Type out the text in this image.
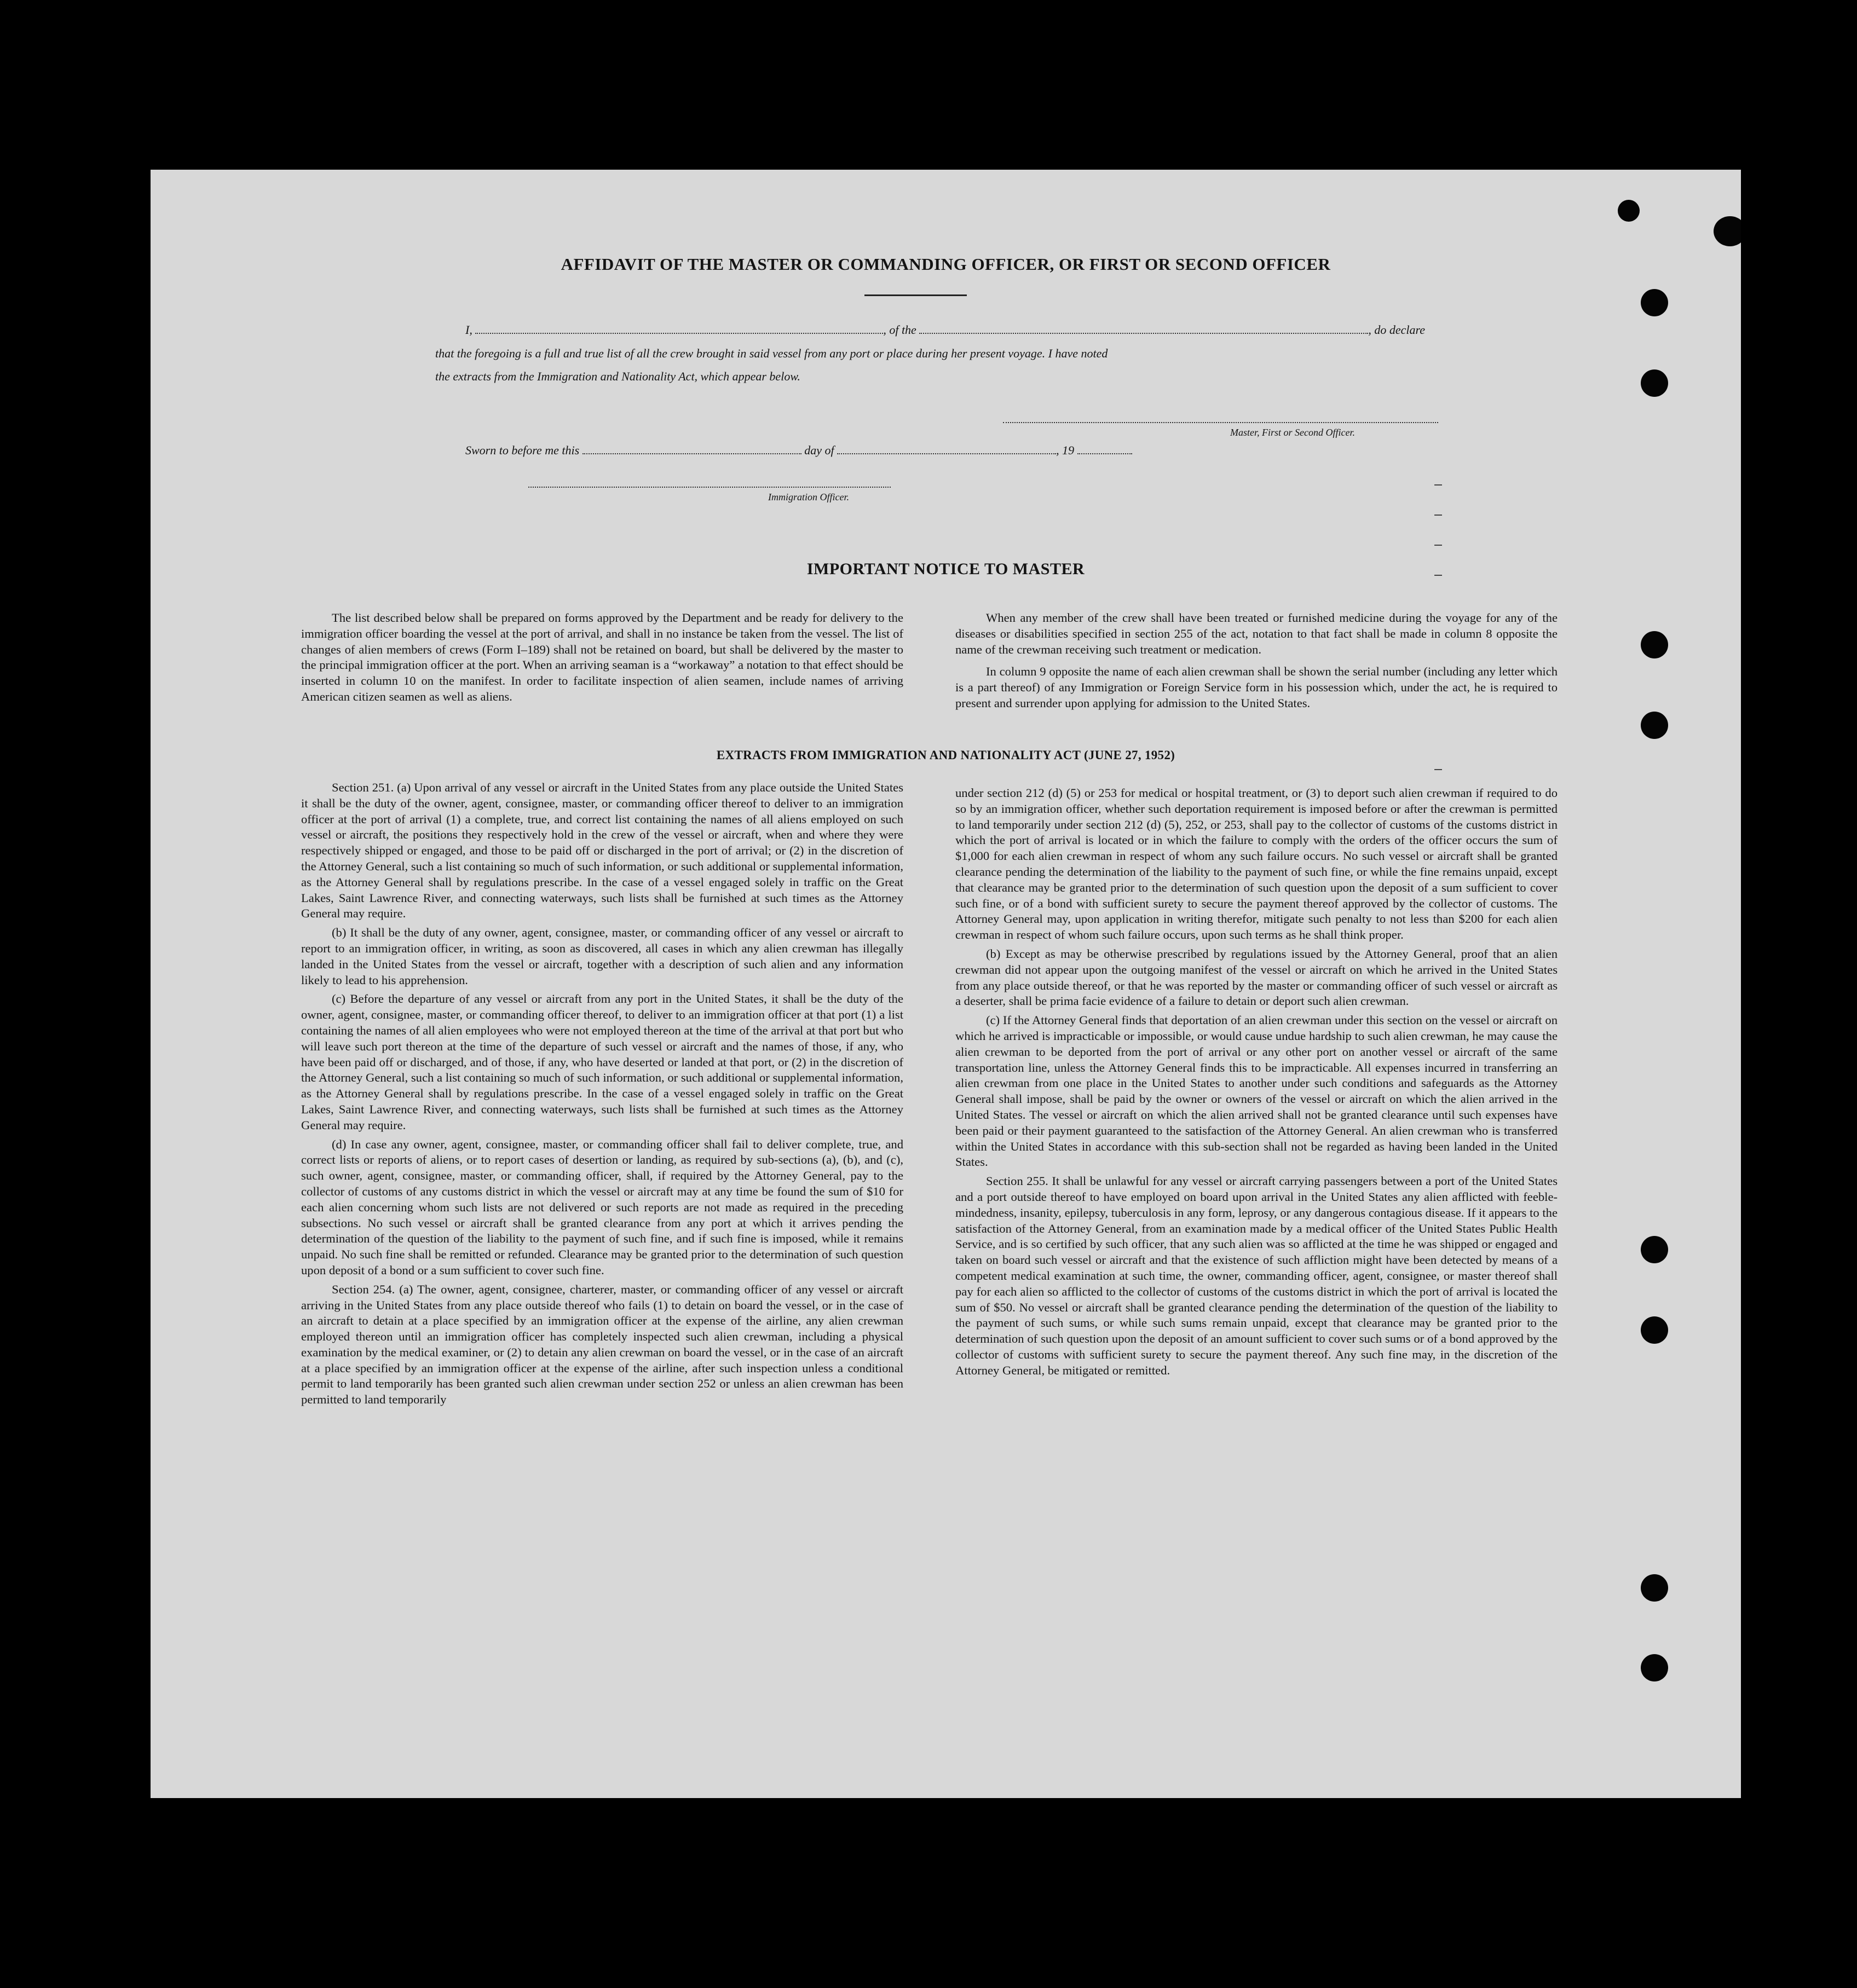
AFFIDAVIT OF THE MASTER OR COMMANDING OFFICER, OR FIRST OR SECOND OFFICER
I,	, of the	, do declare
that the foregoing is a full and true list of all the crew brought in said vessel from any port or place during her present voyage. I have noted
the extracts from the Immigration and Nationality Act, which appear below.
Master, First or Second Officer.
Sworn to before me this	day of	, 19
Immigration Officer.
IMPORTANT NOTICE TO MASTER

The list described below shall be prepared on forms approved by the Department and be ready for delivery to the immigration officer boarding the vessel at the port of arrival, and shall in no instance be taken from the vessel. The list of changes of alien members of crews (Form I–189) shall not be retained on board, but shall be delivered by the master to the principal immigration officer at the port. When an arriving seaman is a “workaway” a notation to that effect should be inserted in column 10 on the manifest. In order to facilitate inspection of alien seamen, include names of arriving American citizen seamen as well as aliens.

When any member of the crew shall have been treated or furnished medicine during the voyage for any of the diseases or disabilities specified in section 255 of the act, notation to that fact shall be made in column 8 opposite the name of the crewman receiving such treatment or medication.

In column 9 opposite the name of each alien crewman shall be shown the serial number (including any letter which is a part thereof) of any Immigration or Foreign Service form in his possession which, under the act, he is required to present and surrender upon applying for admission to the United States.

EXTRACTS FROM IMMIGRATION AND NATIONALITY ACT (JUNE 27, 1952)

Section 251. (a) Upon arrival of any vessel or aircraft in the United States from any place outside the United States it shall be the duty of the owner, agent, consignee, master, or commanding officer thereof to deliver to an immigration officer at the port of arrival (1) a complete, true, and correct list containing the names of all aliens employed on such vessel or aircraft, the positions they respectively hold in the crew of the vessel or aircraft, when and where they were respectively shipped or engaged, and those to be paid off or discharged in the port of arrival; or (2) in the discretion of the Attorney General, such a list containing so much of such information, or such additional or supplemental information, as the Attorney General shall by regulations prescribe. In the case of a vessel engaged solely in traffic on the Great Lakes, Saint Lawrence River, and connecting waterways, such lists shall be furnished at such times as the Attorney General may require.

(b) It shall be the duty of any owner, agent, consignee, master, or commanding officer of any vessel or aircraft to report to an immigration officer, in writing, as soon as discovered, all cases in which any alien crewman has illegally landed in the United States from the vessel or aircraft, together with a description of such alien and any information likely to lead to his apprehension.

(c) Before the departure of any vessel or aircraft from any port in the United States, it shall be the duty of the owner, agent, consignee, master, or commanding officer thereof, to deliver to an immigration officer at that port (1) a list containing the names of all alien employees who were not employed thereon at the time of the arrival at that port but who will leave such port thereon at the time of the departure of such vessel or aircraft and the names of those, if any, who have been paid off or discharged, and of those, if any, who have deserted or landed at that port, or (2) in the discretion of the Attorney General, such a list containing so much of such information, or such additional or supplemental information, as the Attorney General shall by regulations prescribe. In the case of a vessel engaged solely in traffic on the Great Lakes, Saint Lawrence River, and connecting waterways, such lists shall be furnished at such times as the Attorney General may require.

(d) In case any owner, agent, consignee, master, or commanding officer shall fail to deliver complete, true, and correct lists or reports of aliens, or to report cases of desertion or landing, as required by sub-sections (a), (b), and (c), such owner, agent, consignee, master, or commanding officer, shall, if required by the Attorney General, pay to the collector of customs of any customs district in which the vessel or aircraft may at any time be found the sum of $10 for each alien concerning whom such lists are not delivered or such reports are not made as required in the preceding subsections. No such vessel or aircraft shall be granted clearance from any port at which it arrives pending the determination of the question of the liability to the payment of such fine, and if such fine is imposed, while it remains unpaid. No such fine shall be remitted or refunded. Clearance may be granted prior to the determination of such question upon deposit of a bond or a sum sufficient to cover such fine.

Section 254. (a) The owner, agent, consignee, charterer, master, or commanding officer of any vessel or aircraft arriving in the United States from any place outside thereof who fails (1) to detain on board the vessel, or in the case of an aircraft to detain at a place specified by an immigration officer at the expense of the airline, any alien crewman employed thereon until an immigration officer has completely inspected such alien crewman, including a physical examination by the medical examiner, or (2) to detain any alien crewman on board the vessel, or in the case of an aircraft at a place specified by an immigration officer at the expense of the airline, after such inspection unless a conditional permit to land temporarily has been granted such alien crewman under section 252 or unless an alien crewman has been permitted to land temporarily

under section 212 (d) (5) or 253 for medical or hospital treatment, or (3) to deport such alien crewman if required to do so by an immigration officer, whether such deportation requirement is imposed before or after the crewman is permitted to land temporarily under section 212 (d) (5), 252, or 253, shall pay to the collector of customs of the customs district in which the port of arrival is located or in which the failure to comply with the orders of the officer occurs the sum of $1,000 for each alien crewman in respect of whom any such failure occurs. No such vessel or aircraft shall be granted clearance pending the determination of the liability to the payment of such fine, or while the fine remains unpaid, except that clearance may be granted prior to the determination of such question upon the deposit of a sum sufficient to cover such fine, or of a bond with sufficient surety to secure the payment thereof approved by the collector of customs. The Attorney General may, upon application in writing therefor, mitigate such penalty to not less than $200 for each alien crewman in respect of whom such failure occurs, upon such terms as he shall think proper.

(b) Except as may be otherwise prescribed by regulations issued by the Attorney General, proof that an alien crewman did not appear upon the outgoing manifest of the vessel or aircraft on which he arrived in the United States from any place outside thereof, or that he was reported by the master or commanding officer of such vessel or aircraft as a deserter, shall be prima facie evidence of a failure to detain or deport such alien crewman.

(c) If the Attorney General finds that deportation of an alien crewman under this section on the vessel or aircraft on which he arrived is impracticable or impossible, or would cause undue hardship to such alien crewman, he may cause the alien crewman to be deported from the port of arrival or any other port on another vessel or aircraft of the same transportation line, unless the Attorney General finds this to be impracticable. All expenses incurred in transferring an alien crewman from one place in the United States to another under such conditions and safeguards as the Attorney General shall impose, shall be paid by the owner or owners of the vessel or aircraft on which the alien arrived in the United States. The vessel or aircraft on which the alien arrived shall not be granted clearance until such expenses have been paid or their payment guaranteed to the satisfaction of the Attorney General. An alien crewman who is transferred within the United States in accordance with this sub-section shall not be regarded as having been landed in the United States.

Section 255. It shall be unlawful for any vessel or aircraft carrying passengers between a port of the United States and a port outside thereof to have employed on board upon arrival in the United States any alien afflicted with feeble-mindedness, insanity, epilepsy, tuberculosis in any form, leprosy, or any dangerous contagious disease. If it appears to the satisfaction of the Attorney General, from an examination made by a medical officer of the United States Public Health Service, and is so certified by such officer, that any such alien was so afflicted at the time he was shipped or engaged and taken on board such vessel or aircraft and that the existence of such affliction might have been detected by means of a competent medical examination at such time, the owner, commanding officer, agent, consignee, or master thereof shall pay for each alien so afflicted to the collector of customs of the customs district in which the port of arrival is located the sum of $50. No vessel or aircraft shall be granted clearance pending the determination of the question of the liability to the payment of such sums, or while such sums remain unpaid, except that clearance may be granted prior to the determination of such question upon the deposit of an amount sufficient to cover such sums or of a bond approved by the collector of customs with sufficient surety to secure the payment thereof. Any such fine may, in the discretion of the Attorney General, be mitigated or remitted.
